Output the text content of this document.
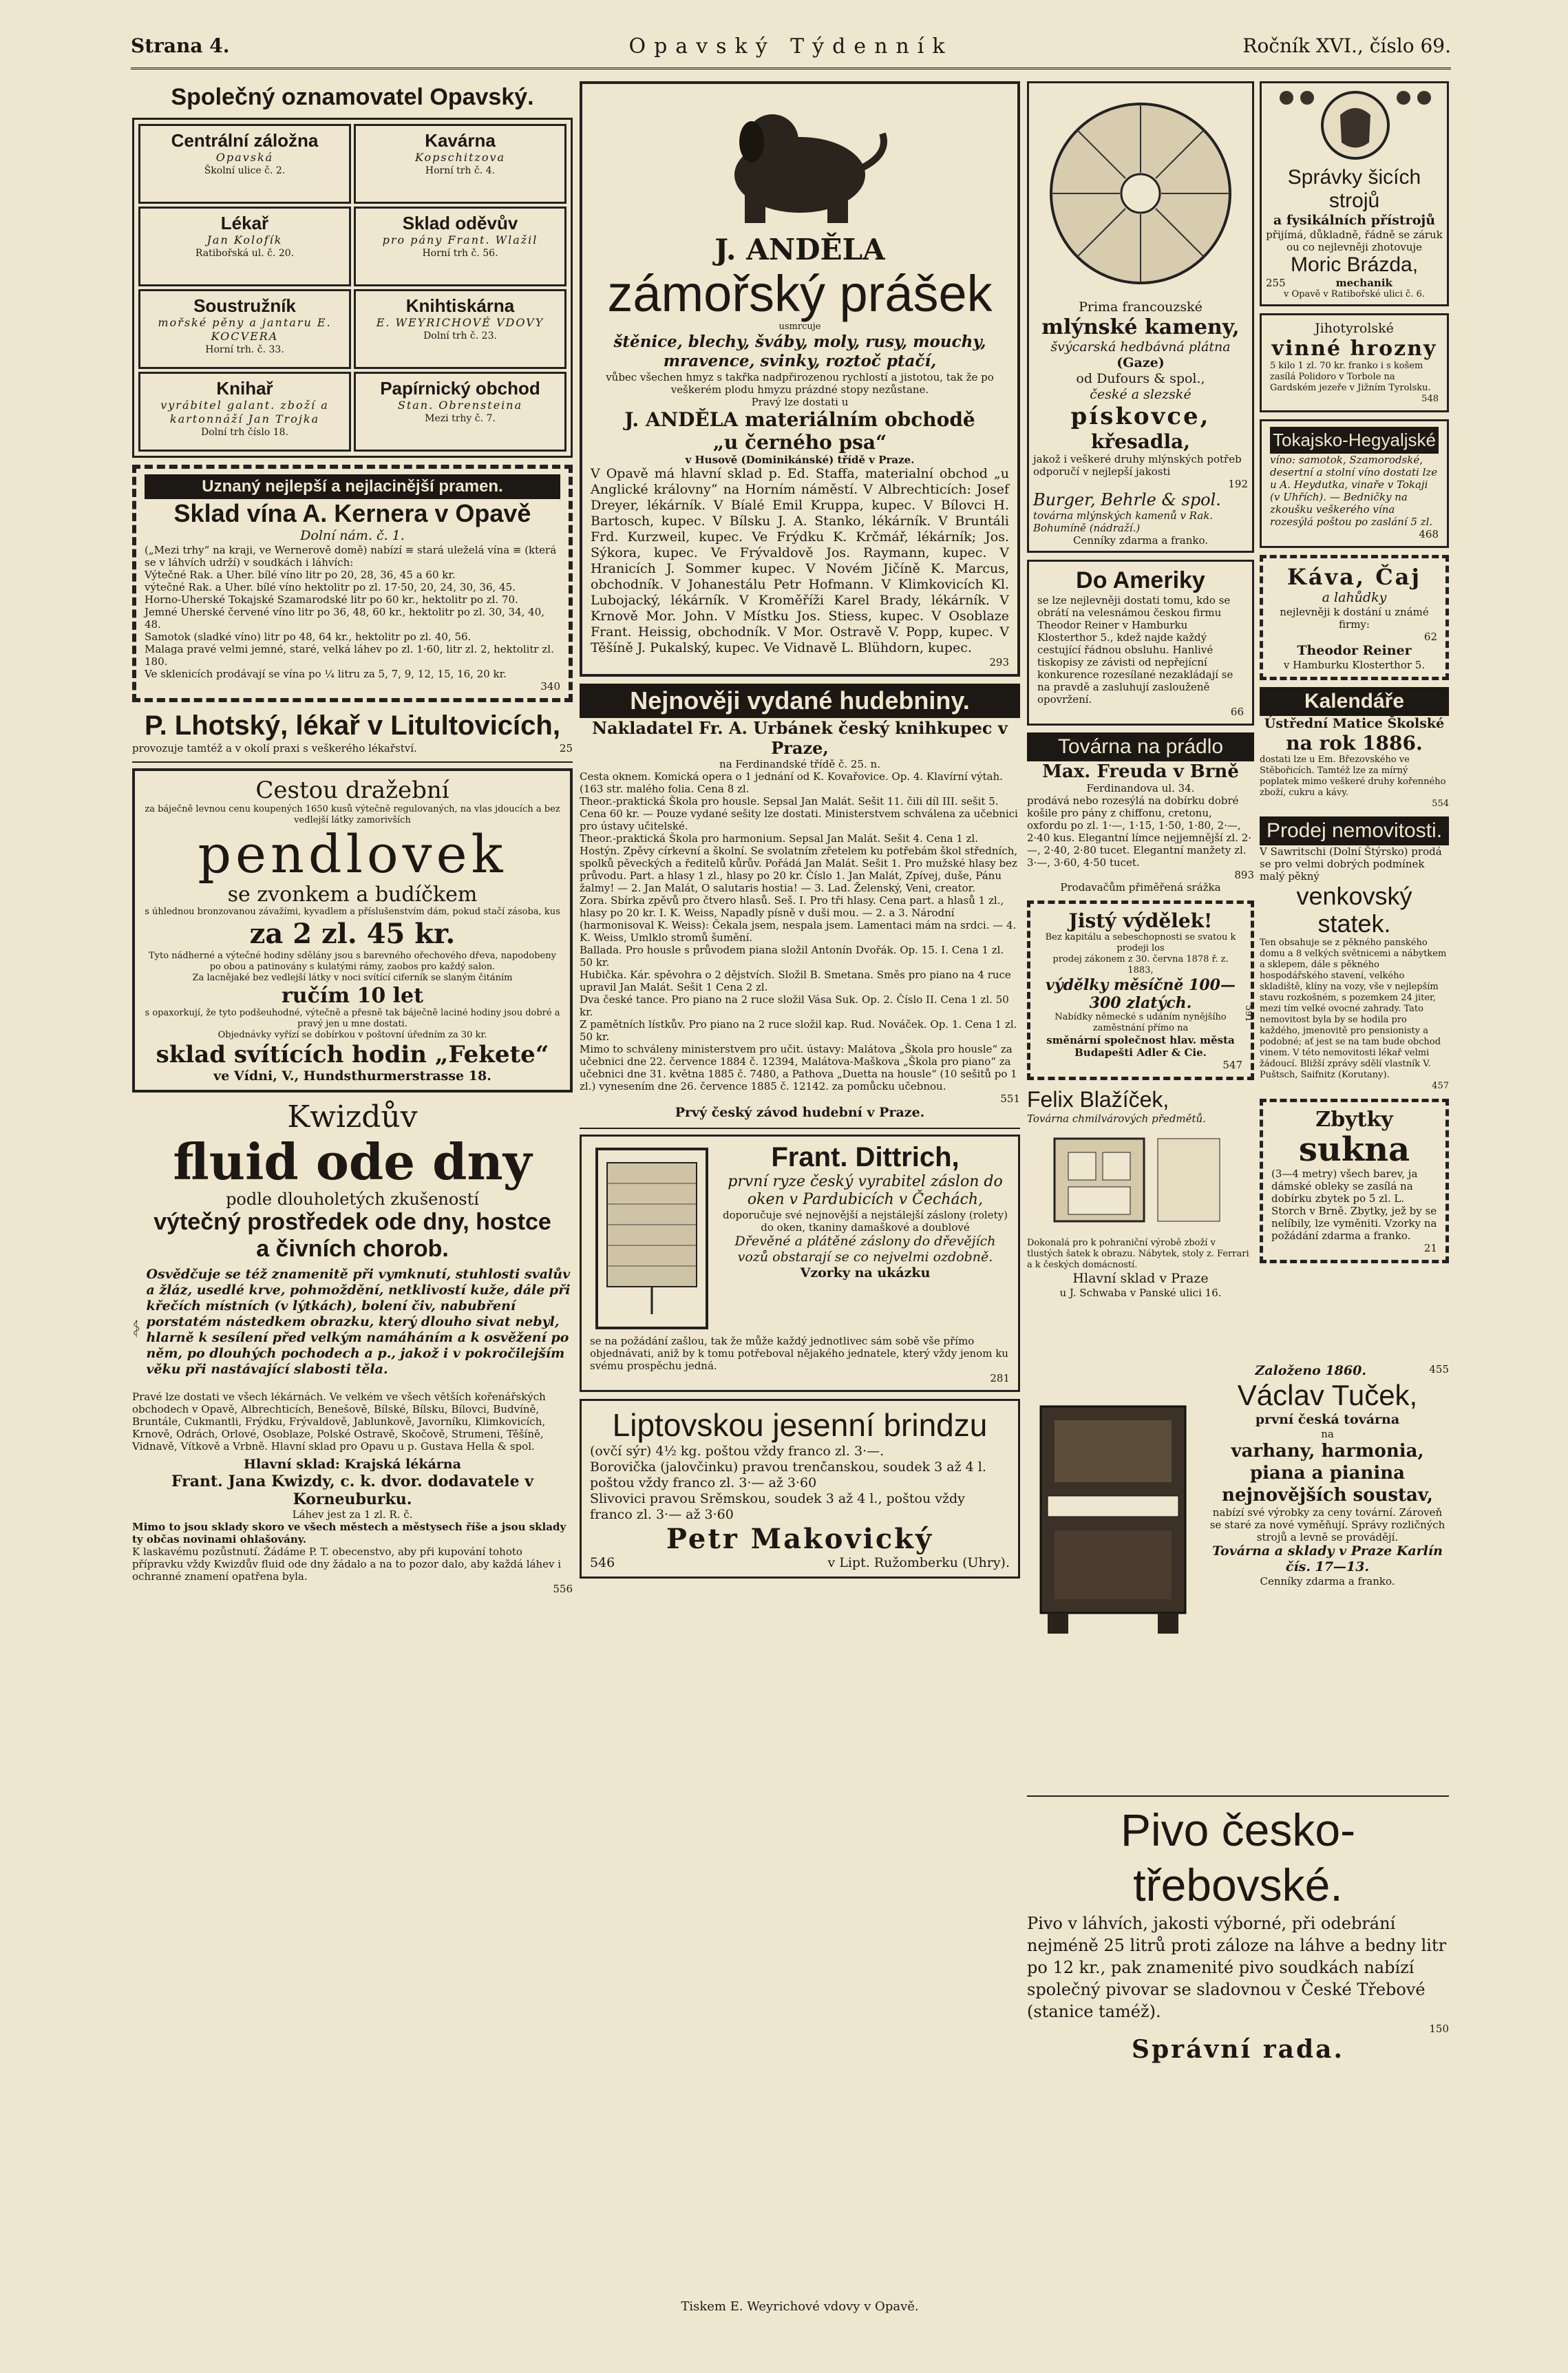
Strana 4.	Opavský Týdenník	Ročník XVI., číslo 69.
Společný oznamovatel Opavský.
Centrální záložna
Opavská
Školní ulice č. 2.
Kavárna
Kopschitzova
Horní trh č. 4.
Lékař
Jan Kolofík
Ratibořská ul. č. 20.
Sklad oděvův
pro pány Frant. Wlažil
Horní trh č. 56.
Soustružník
mořské pěny a jantaru E. KOCVERA
Horní trh. č. 33.
Knihtiskárna
E. WEYRICHOVÉ VDOVY
Dolní trh č. 23.
Knihař
vyrábitel galant. zboží a kartonnáží Jan Trojka
Dolní trh číslo 18.
Papírnický obchod
Stan. Obrensteina
Mezi trhy č. 7.
Uznaný nejlepší a nejlacinější pramen.
Sklad vína A. Kernera v Opavě
Dolní nám. č. 1.
(„Mezi trhy“ na kraji, ve Wernerově domě) nabízí ≡ stará uleželá vína ≡ (která se v láhvích udrží) v soudkách i láhvích:
Výtečné Rak. a Uher. bílé víno litr po 20, 28, 36, 45 a 60 kr.
výtečné Rak. a Uher. bílé víno hektolitr po zl. 17·50, 20, 24, 30, 36, 45.
Horno-Uherské Tokajské Szamarodské litr po 60 kr., hektolitr po zl. 70.
Jemné Uherské červené víno litr po 36, 48, 60 kr., hektolitr po zl. 30, 34, 40, 48.
Samotok (sladké víno) litr po 48, 64 kr., hektolitr po zl. 40, 56.
Malaga pravé velmi jemné, staré, velká láhev po zl. 1·60, litr zl. 2, hektolitr zl. 180.
Ve sklenicích prodávají se vína po ¼ litru za 5, 7, 9, 12, 15, 16, 20 kr.
340
P. Lhotský, lékař v Litultovicích,
provozuje tamtéž a v okolí praxi s veškerého lékařství.	25
Cestou dražební
za báječně levnou cenu koupených 1650 kusů výtečně regulovaných, na vlas jdoucích a bez vedlejší látky zamorivších
pendlovek
se zvonkem a budíčkem
s úhlednou bronzovanou závažími, kyvadlem a příslušenstvím dám, pokud stačí zásoba, kus
za 2 zl. 45 kr.
Tyto nádherné a výtečné hodiny sdělány jsou s barevného ořechového dřeva, napodobeny po obou a patinovány s kulatými rámy, zaobos pro každý salon.
Za lacnějaké bez vedlejší látky v noci svítící ciferník se slaným čitáním
ručím 10 let
s opaxorkují, že tyto podšeuhodné, výtečně a přesně tak báječně laciné hodiny jsou dobré a pravý jen u mne dostati.
Objednávky vyřízí se dobírkou v poštovní úředním za 30 kr.
sklad svítících hodin „Fekete“
ve Vídni, V., Hundsthurmerstrasse 18.
Kwizdův
fluid ode dny
podle dlouholetých zkušeností
výtečný prostředek ode dny, hostce
a čivních chorob.
Osvědčuje se též znamenitě při vymknutí, stuhlosti svalův a žláz, usedlé krve, pohmoždění, netklivostí kuže, dále při křečích místních (v lýtkách), bolení čiv, nabubření porstatém nástedkem obrazku, který dlouho sivat nebyl, hlarně k sesílení před velkým namáháním a k osvěžení po něm, po dlouhých pochodech a p., jakož i v pokročilejším věku při nastávající slabosti těla.
Pravé lze dostati ve všech lékárnách. Ve velkém ve všech větších kořenářských obchodech v Opavě, Albrechticích, Benešově, Bílské, Bílsku, Bílovci, Budvíně, Bruntále, Cukmantli, Frýdku, Frývaldově, Jablunkově, Javorníku, Klimkovicích, Krnově, Odrách, Orlové, Osoblaze, Polské Ostravě, Skočově, Strumeni, Těšíně, Vidnavě, Vítkově a Vrbně. Hlavní sklad pro Opavu u p. Gustava Hella & spol.
Hlavní sklad: Krajská lékárna
Frant. Jana Kwizdy, c. k. dvor. dodavatele v Korneuburku.
Láhev jest za 1 zl. R. č.
Mimo to jsou sklady skoro ve všech městech a městysech říše a jsou sklady ty občas novinami ohlašovány.
K laskavému pozůstnutí. Žádáme P. T. obecenstvo, aby při kupování tohoto přípravku vždy Kwizdův fluid ode dny žádalo a na to pozor dalo, aby každá láhev i ochranné znamení opatřena byla.
556
J. ANDĚLA
zámořský prášek
usmrcuje
štěnice, blechy, šváby, moly, rusy, mouchy, mravence, svinky, roztoč ptačí,
vůbec všechen hmyz s takřka nadpřirozenou rychlostí a jistotou, tak že po veškerém plodu hmyzu prázdné stopy nezůstane.
Pravý lze dostati u
J. ANDĚLA materiálním obchodě
„u černého psa“
v Husově (Dominikánské) třídě v Praze.
V Opavě má hlavní sklad p. Ed. Staffa, materialní obchod „u Anglické královny“ na Horním náměstí. V Albrechticích: Josef Dreyer, lékárník. V Bíalé Emil Kruppa, kupec. V Bílovci H. Bartosch, kupec. V Bílsku J. A. Stanko, lékárník. V Bruntáli Frd. Kurzweil, kupec. Ve Frýdku K. Krčmář, lékárník; Jos. Sýkora, kupec. Ve Frývaldově Jos. Raymann, kupec. V Hranicích J. Sommer kupec. V Novém Jičíně K. Marcus, obchodník. V Johanestálu Petr Hofmann. V Klimkovicích Kl. Lubojacký, lékárník. V Kroměříži Karel Brady, lékárník. V Krnově Mor. John. V Místku Jos. Stiess, kupec. V Osoblaze Frant. Heissig, obchodník. V Mor. Ostravě V. Popp, kupec. V Těšíně J. Pukalský, kupec. Ve Vidnavě L. Blühdorn, kupec.
293
Nejnověji vydané hudebniny.
Nakladatel Fr. A. Urbánek český knihkupec v Praze,
na Ferdinandské třídě č. 25. n.
Cesta oknem. Komická opera o 1 jednání od K. Kovařovice. Op. 4. Klavírní výtah. (163 str. malého folia. Cena 8 zl.
Theor.-praktická Škola pro housle. Sepsal Jan Malát. Sešit 11. čili díl III. sešit 5. Cena 60 kr. — Pouze vydané sešity lze dostati. Ministerstvem schválena za učebnici pro ústavy učitelské.
Theor.-praktická Škola pro harmonium. Sepsal Jan Malát. Sešit 4. Cena 1 zl.
Hostýn. Zpěvy církevní a školní. Se svolatním zřetelem ku potřebám škol středních, spolků pěveckých a ředitelů kůrův. Pořádá Jan Malát. Sešit 1. Pro mužské hlasy bez průvodu. Part. a hlasy 1 zl., hlasy po 20 kr. Číslo 1. Jan Malát, Zpívej, duše, Pánu žalmy! — 2. Jan Malát, O salutaris hostia! — 3. Lad. Želenský, Veni, creator.
Zora. Sbírka zpěvů pro čtvero hlasů. Seš. I. Pro tři hlasy. Cena part. a hlasů 1 zl., hlasy po 20 kr. I. K. Weiss, Napadly písně v duši mou. — 2. a 3. Národní (harmonisoval K. Weiss): Čekala jsem, nespala jsem. Lamentaci mám na srdci. — 4. K. Weiss, Umlklo stromů šumění.
Ballada. Pro housle s průvodem piana složil Antonín Dvořák. Op. 15. I. Cena 1 zl. 50 kr.
Hubička. Kár. spěvohra o 2 dějstvích. Složil B. Smetana. Směs pro piano na 4 ruce upravil Jan Malát. Sešit 1 Cena 2 zl.
Dva české tance. Pro piano na 2 ruce složil Vása Suk. Op. 2. Číslo II. Cena 1 zl. 50 kr.
Z pamětních lístkův. Pro piano na 2 ruce složil kap. Rud. Nováček. Op. 1. Cena 1 zl. 50 kr.
Mimo to schváleny ministerstvem pro učit. ústavy: Malátova „Škola pro housle“ za učebnici dne 22. července 1884 č. 12394, Malátova-Maškova „Škola pro piano“ za učebnici dne 31. května 1885 č. 7480, a Pathova „Duetta na housle“ (10 sešitů po 1 zl.) vynesením dne 26. července 1885 č. 12142. za pomůcku učebnou.
551
Prvý český závod hudební v Praze.
Frant. Dittrich,
první ryze český vyrabitel záslon do oken v Pardubicích v Čechách,
doporučuje své nejnovější a nejstálejší záslony (rolety) do oken, tkaniny damaškové a doublové
Dřevěné a plátěné záslony do dřevějích vozů obstarají se co nejvelmi ozdobně.
Vzorky na ukázku
se na požádání zašlou, tak že může každý jednotlivec sám sobě vše přímo objednávati, aniž by k tomu potřeboval nějakého jednatele, který vždy jenom ku svému prospěchu jedná.
281
Liptovskou jesenní brindzu
(ovčí sýr) 4½ kg. poštou vždy franco zl. 3·—.
Borovička (jalovčinku) pravou trenčanskou, soudek 3 až 4 l. poštou vždy franco zl. 3·— až 3·60
Slivovici pravou Srěmskou, soudek 3 až 4 l., poštou vždy franco zl. 3·— až 3·60
Petr Makovický
546	v Lipt. Ružomberku (Uhry).
Prima francouzské
mlýnské kameny,
švýcarská hedbávná plátna
(Gaze)
od Dufours & spol.,
české a slezské
pískovce,
křesadla,
jakož i veškeré druhy mlýnských potřeb odporučí v nejlepší jakosti
192
Burger, Behrle & spol.
továrna mlýnských kamenů v Rak. Bohumíně (nádraží.)
Cenníky zdarma a franko.
Do Ameriky
se lze nejlevněji dostati tomu, kdo se obrátí na velesnámou českou firmu Theodor Reiner v Hamburku Klosterthor 5., kdež najde každý cestující řádnou obsluhu. Hanlivé tiskopisy ze závisti od nepřejícní konkurence rozesílané nezakládají se na pravdě a zasluhují zaslouženě opovržení.
66
Továrna na prádlo
Max. Freuda v Brně
Ferdinandova ul. 34.
prodává nebo rozesýlá na dobírku dobré košile pro pány z chiffonu, cretonu, oxfordu po zl. 1·—, 1·15, 1·50, 1·80, 2·—, 2·40 kus. Elegantní límce nejjemnější zl. 2·—, 2·40, 2·80 tucet. Elegantní manžety zl. 3·—, 3·60, 4·50 tucet.
893
Prodavačům přiměřená srážka
Jistý výdělek!
Bez kapitálu a sebeschopnosti se svatou k prodeji los
prodej zákonem z 30. června 1878 ř. z. 1883,
výdělky měsíčně 100—300 zlatých.
Nabídky německé s udáním nynějšího zaměstnání přímo na
směnární společnost hlav. města Budapešti Adler & Cie.
547
Felix Blažíček,
Továrna chmilvárových předmětů.
Dokonalá pro k pohraniční výrobě zboží v tlustých šatek k obrazu. Nábytek, stoly z. Ferrari a k českých domácností.
Hlavní sklad v Praze
u J. Schwaba v Panské ulici 16.
591
Správky šicích strojů
a fysikálních přístrojů
přijímá, důkladně, řádně se záruk ou co nejlevněji zhotovuje
Moric Brázda,
255	mechanik
v Opavě v Ratibořské ulici č. 6.
Jihotyrolské
vinné hrozny
5 kilo 1 zl. 70 kr. franko i s košem zasílá Polidoro v Torbole na Gardském jezeře v Jižním Tyrolsku.
548
Tokajsko-Hegyaljské
víno: samotok, Szamorodské, desertní a stolní víno dostati lze u A. Heydutka, vinaře v Tokaji (v Uhřích). — Bedničky na zkoušku veškerého vína rozesýlá poštou po zaslání 5 zl.
468
Káva, Čaj
a lahůdky
nejlevněji k dostání u známé firmy:
62
Theodor Reiner
v Hamburku Klosterthor 5.
Kalendáře
Ústřední Matice Školské
na rok 1886.
dostati lze u Em. Březovského ve Stěbořicích. Tamtéž lze za mírný poplatek mimo veškeré druhy kořenného zboží, cukru a kávy.
554
Prodej nemovitosti.
V Sawritschi (Dolní Štýrsko) prodá se pro velmi dobrých podmínek malý pěkný
venkovský statek.
Ten obsahuje se z pěkného panského domu a 8 velkých světnicemi a nábytkem a sklepem, dále s pěkného hospodářského stavení, velkého skladiště, klíny na vozy, vše v nejlepším stavu rozkošném, s pozemkem 24 jiter, mezi tím velké ovocné zahrady. Tato nemovitost byla by se hodila pro každého, jmenovitě pro pensionisty a podobné; ať jest se na tam bude obchod vinem. V této nemovitosti lékař velmi žádoucí. Bližší zprávy sdělí vlastník V. Puštsch, Saifnitz (Korutany).
457
Zbytky
sukna
(3—4 metry) všech barev, ja dámské obleky se zasílá na dobírku zbytek po 5 zl. L. Storch v Brně. Zbytky, jež by se nelíbily, lze vyměniti. Vzorky na požádání zdarma a franko.
21
Založeno 1860.	455
Václav Tuček,
první česká továrna
na
varhany, harmonia, piana a pianina nejnovějších soustav,
nabízí své výrobky za ceny tovární. Zároveň se staré za nové vyměňují. Správy rozličných strojů a levně se provádějí.
Továrna a sklady v Praze Karlín čís. 17—13.
Cenníky zdarma a franko.
Pivo česko-třebovské.
Pivo v láhvích, jakosti výborné, při odebrání nejméně 25 litrů proti záloze na láhve a bedny litr po 12 kr., pak znamenité pivo soudkách nabízí společný pivovar se sladovnou v České Třebové (stanice taméž).
150
Správní rada.
Tiskem E. Weyrichové vdovy v Opavě.
